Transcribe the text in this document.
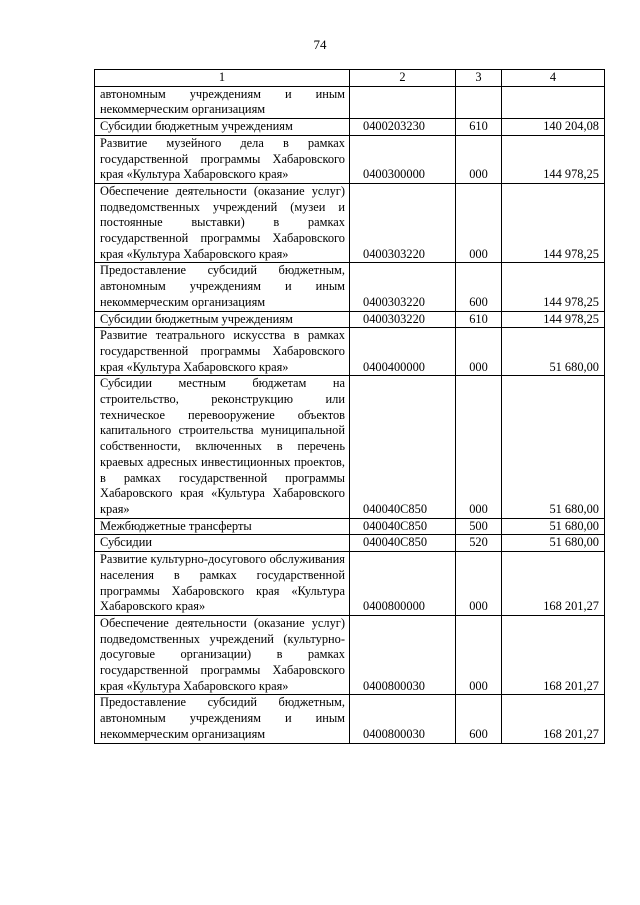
74
1	2	3	4
автономным учреждениям и иным некоммерческим организациям			
Субсидии бюджетным учреждениям	0400203230	610	140 204,08
Развитие музейного дела в рамках государственной программы Хабаровского края «Культура Хабаровского края»	0400300000	000	144 978,25
Обеспечение деятельности (оказание услуг) подведомственных учреждений (музеи и постоянные выставки) в рамках государственной программы Хабаровского края «Культура Хабаровского края»	0400303220	000	144 978,25
Предоставление субсидий бюджетным, автономным учреждениям и иным некоммерческим организациям	0400303220	600	144 978,25
Субсидии бюджетным учреждениям	0400303220	610	144 978,25
Развитие театрального искусства в рамках государственной программы Хабаровского края «Культура Хабаровского края»	0400400000	000	51 680,00
Субсидии местным бюджетам на строительство, реконструкцию или техническое перевооружение объектов капитального строительства муниципальной собственности, включенных в перечень краевых адресных инвестиционных проектов, в рамках государственной программы Хабаровского края «Культура Хабаровского края»	040040С850	000	51 680,00
Межбюджетные трансферты	040040С850	500	51 680,00
Субсидии	040040С850	520	51 680,00
Развитие культурно-досугового обслуживания населения в рамках государственной программы Хабаровского края «Культура Хабаровского края»	0400800000	000	168 201,27
Обеспечение деятельности (оказание услуг) подведомственных учреждений (культурно-досуговые организации) в рамках государственной программы Хабаровского края «Культура Хабаровского края»	0400800030	000	168 201,27
Предоставление субсидий бюджетным, автономным учреждениям и иным некоммерческим организациям	0400800030	600	168 201,27
